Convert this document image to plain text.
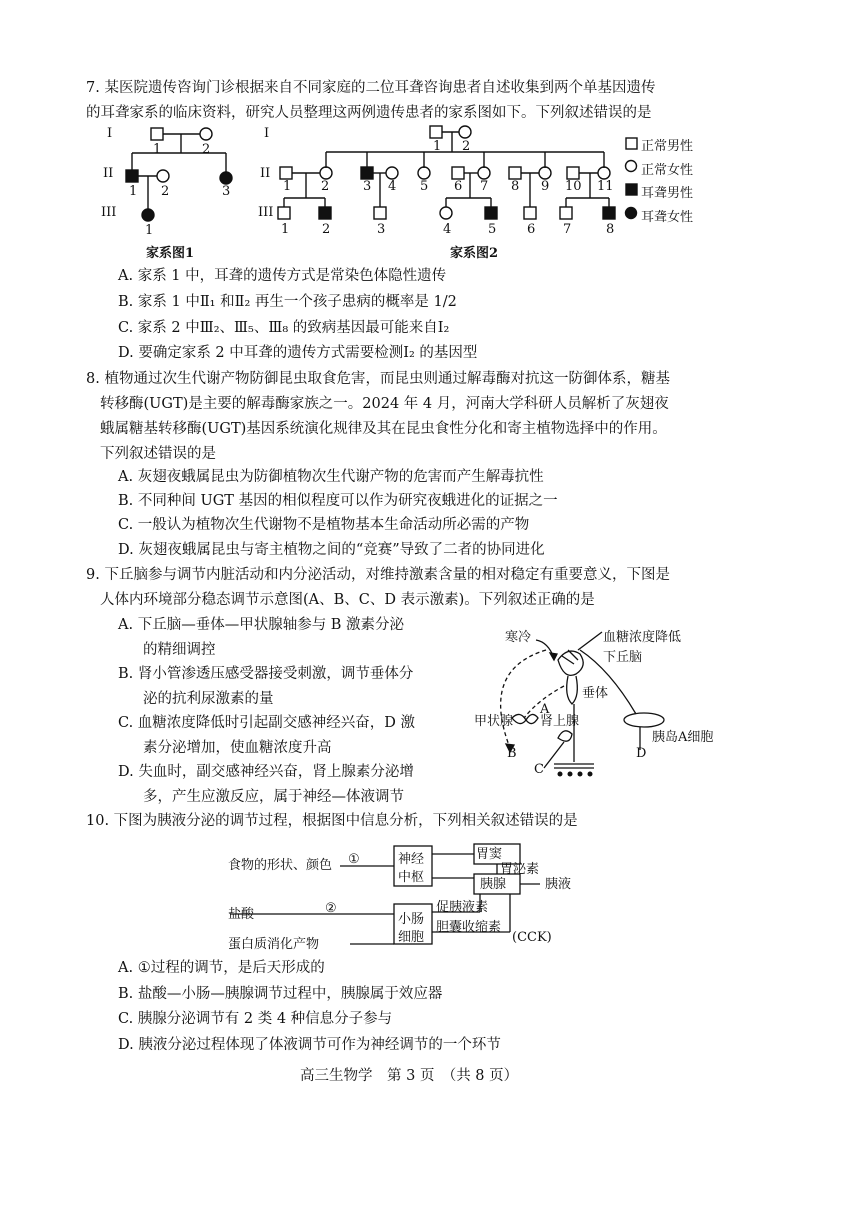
7. 某医院遗传咨询门诊根据来自不同家庭的二位耳聋咨询患者自述收集到两个单基因遗传
的耳聋家系的临床资料，研究人员整理这两例遗传患者的家系图如下。下列叙述错误的是
I
II
III
I
II
III
1	2
1 2	3
1
1 2
1 2	3 4 5 6 7 8 9 10 11
1	2	3	4	5 6 7	8
正常男性
正常女性
耳聋男性
耳聋女性
家系图1	家系图2
A. 家系 1 中，耳聋的遗传方式是常染色体隐性遗传
B. 家系 1 中Ⅱ₁ 和Ⅱ₂ 再生一个孩子患病的概率是 1/2
C. 家系 2 中Ⅲ₂、Ⅲ₅、Ⅲ₈ 的致病基因最可能来自Ⅰ₂
D. 要确定家系 2 中耳聋的遗传方式需要检测Ⅰ₂ 的基因型
8. 植物通过次生代谢产物防御昆虫取食危害，而昆虫则通过解毒酶对抗这一防御体系，糖基
转移酶(UGT)是主要的解毒酶家族之一。2024 年 4 月，河南大学科研人员解析了灰翅夜
蛾属糖基转移酶(UGT)基因系统演化规律及其在昆虫食性分化和寄主植物选择中的作用。
下列叙述错误的是
A. 灰翅夜蛾属昆虫为防御植物次生代谢产物的危害而产生解毒抗性
B. 不同种间 UGT 基因的相似程度可以作为研究夜蛾进化的证据之一
C. 一般认为植物次生代谢物不是植物基本生命活动所必需的产物
D. 灰翅夜蛾属昆虫与寄主植物之间的“竞赛”导致了二者的协同进化
9. 下丘脑参与调节内脏活动和内分泌活动，对维持激素含量的相对稳定有重要意义，下图是
人体内环境部分稳态调节示意图(A、B、C、D 表示激素)。下列叙述正确的是
A. 下丘脑—垂体—甲状腺轴参与 B 激素分泌
的精细调控
B. 肾小管渗透压感受器接受刺激，调节垂体分
泌的抗利尿激素的量
C. 血糖浓度降低时引起副交感神经兴奋，D 激
素分泌增加，使血糖浓度升高
D. 失血时，副交感神经兴奋，肾上腺素分泌增
多，产生应激反应，属于神经—体液调节
寒冷	血糖浓度降低
下丘脑
垂体
A
甲状腺 肾上腺
胰岛A细胞
B
C
D
10. 下图为胰液分泌的调节过程，根据图中信息分析，下列相关叙述错误的是
食物的形状、颜色 ①	神经
中枢
胃窦
胃泌素
胰腺	胰液
盐酸	②
小肠
细胞
促胰液素
胆囊收缩素
(CCK)
蛋白质消化产物
A. ①过程的调节，是后天形成的
B. 盐酸—小肠—胰腺调节过程中，胰腺属于效应器
C. 胰腺分泌调节有 2 类 4 种信息分子参与
D. 胰液分泌过程体现了体液调节可作为神经调节的一个环节
高三生物学　第 3 页　（共 8 页）
